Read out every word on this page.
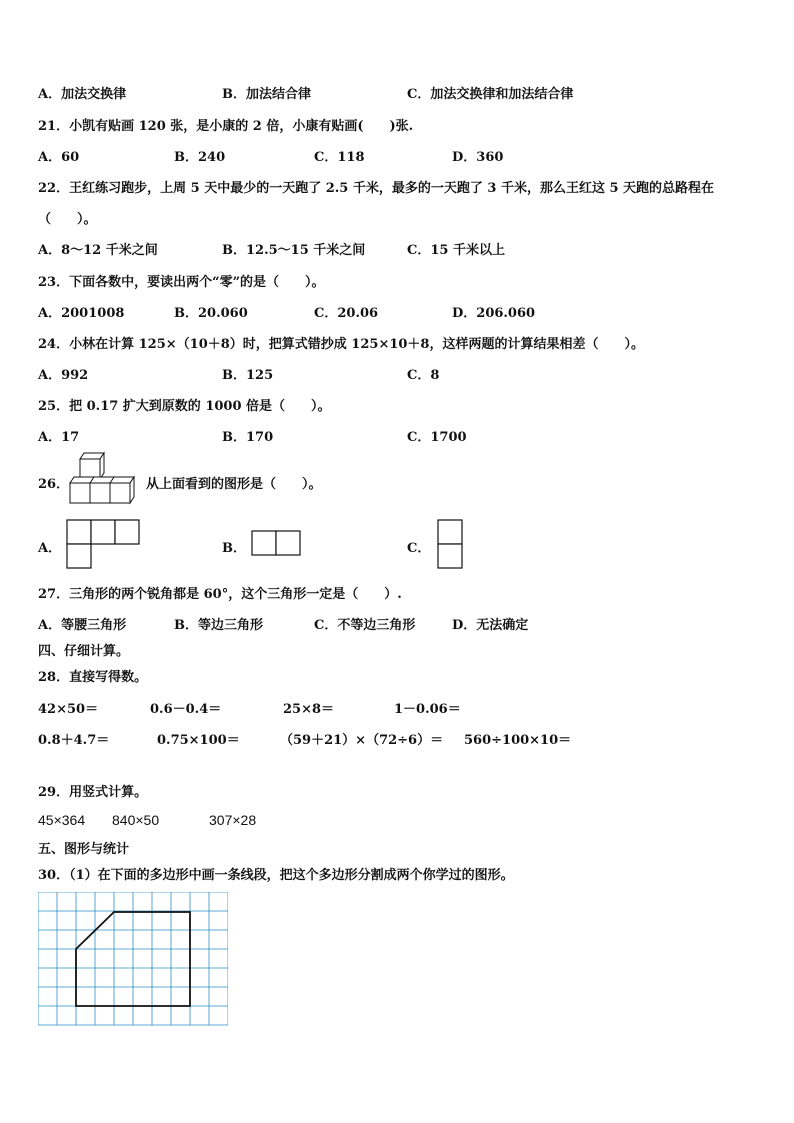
A．加法交换律	B．加法结合律	C．加法交换律和加法结合律
21．小凯有贴画 120 张，是小康的 2 倍，小康有贴画(　　)张.
A．60	B．240	C．118	D．360
22．王红练习跑步，上周 5 天中最少的一天跑了 2.5 千米，最多的一天跑了 3 千米，那么王红这 5 天跑的总路程在
（　　）。
A．8～12 千米之间	B．12.5～15 千米之间	C．15 千米以上
23．下面各数中，要读出两个“零”的是（　　）。
A．2001008	B．20.060	C．20.06	D．206.060
24．小林在计算 125×（10＋8）时，把算式错抄成 125×10＋8，这样两题的计算结果相差（　　）。
A．992	B．125	C．8
25．把 0.17 扩大到原数的 1000 倍是（　　）。
A．17	B．170	C．1700
26．	从上面看到的图形是（　　）。
A．	B．	C．
27．三角形的两个锐角都是 60°，这个三角形一定是（　　）.
A．等腰三角形	B．等边三角形	C．不等边三角形	D．无法确定
四、仔细计算。
28．直接写得数。
42×50＝	0.6－0.4＝	25×8＝	1－0.06＝
0.8＋4.7＝	0.75×100＝	（59＋21）×（72÷6）＝ 560÷100×10＝
29．用竖式计算。
45×364 840×50	307×28
五、图形与统计
30．（1）在下面的多边形中画一条线段，把这个多边形分割成两个你学过的图形。
